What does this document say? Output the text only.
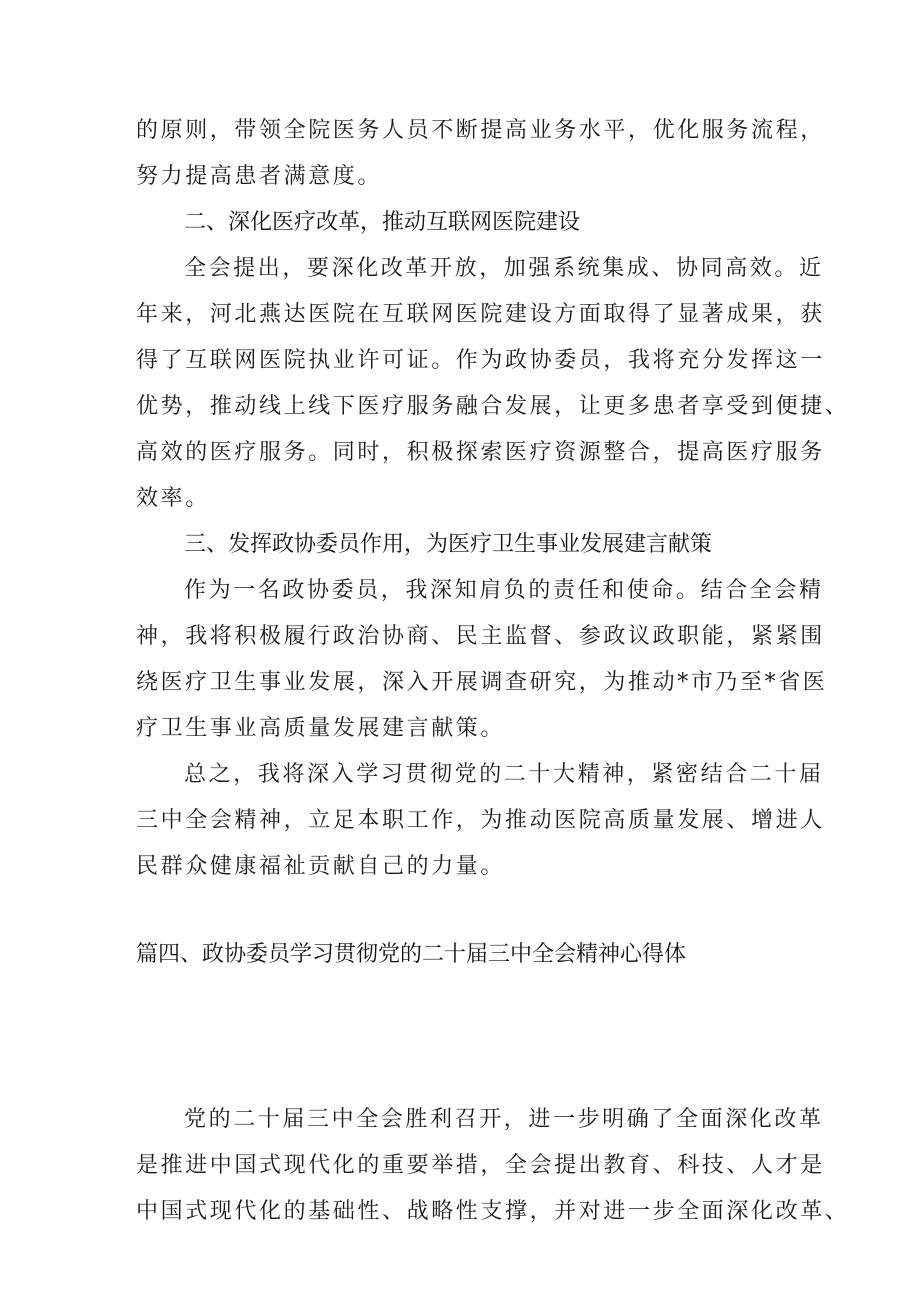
的原则，带领全院医务人员不断提高业务水平，优化服务流程，
努力提高患者满意度。
二、深化医疗改革，推动互联网医院建设
全会提出，要深化改革开放，加强系统集成、协同高效。近
年来，河北燕达医院在互联网医院建设方面取得了显著成果，获
得了互联网医院执业许可证。作为政协委员，我将充分发挥这一
优势，推动线上线下医疗服务融合发展，让更多患者享受到便捷、
高效的医疗服务。同时，积极探索医疗资源整合，提高医疗服务
效率。
三、发挥政协委员作用，为医疗卫生事业发展建言献策
作为一名政协委员，我深知肩负的责任和使命。结合全会精
神，我将积极履行政治协商、民主监督、参政议政职能，紧紧围
绕医疗卫生事业发展，深入开展调查研究，为推动*市乃至*省医
疗卫生事业高质量发展建言献策。
总之，我将深入学习贯彻党的二十大精神，紧密结合二十届
三中全会精神，立足本职工作，为推动医院高质量发展、增进人
民群众健康福祉贡献自己的力量。
篇四、政协委员学习贯彻党的二十届三中全会精神心得体
党的二十届三中全会胜利召开，进一步明确了全面深化改革
是推进中国式现代化的重要举措，全会提出教育、科技、人才是
中国式现代化的基础性、战略性支撑，并对进一步全面深化改革、
